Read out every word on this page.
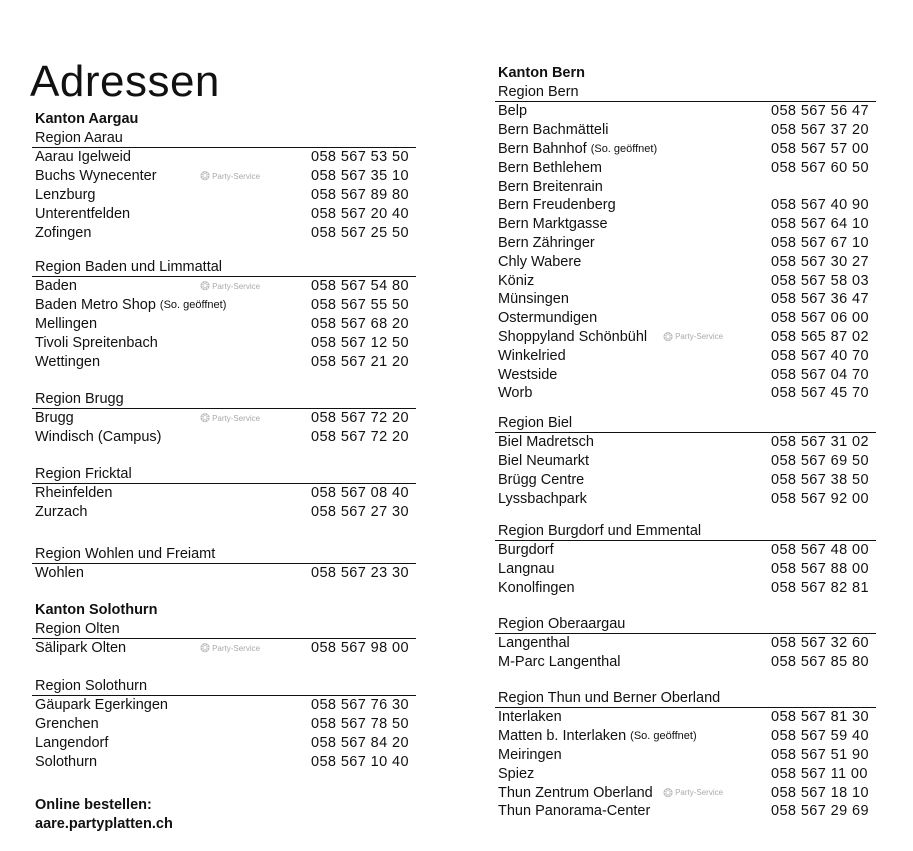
Adressen
Kanton Aargau
Region Aarau
Aarau Igelweid	058 567 53 50
Buchs Wynecenter	❂ Party-Service	058 567 35 10
Lenzburg	058 567 89 80
Unterentfelden	058 567 20 40
Zofingen	058 567 25 50
Region Baden und Limmattal
Baden	❂ Party-Service	058 567 54 80
Baden Metro Shop (So. geöffnet)	058 567 55 50
Mellingen	058 567 68 20
Tivoli Spreitenbach	058 567 12 50
Wettingen	058 567 21 20
Region Brugg
Brugg	❂ Party-Service	058 567 72 20
Windisch (Campus)	058 567 72 20
Region Fricktal
Rheinfelden	058 567 08 40
Zurzach	058 567 27 30
Region Wohlen und Freiamt
Wohlen	058 567 23 30
Kanton Solothurn
Region Olten
Sälipark Olten	❂ Party-Service	058 567 98 00
Region Solothurn
Gäupark Egerkingen	058 567 76 30
Grenchen	058 567 78 50
Langendorf	058 567 84 20
Solothurn	058 567 10 40
Online bestellen:
aare.partyplatten.ch
Kanton Bern
Region Bern
Belp	058 567 56 47
Bern Bachmätteli	058 567 37 20
Bern Bahnhof (So. geöffnet)	058 567 57 00
Bern Bethlehem	058 567 60 50
Bern Breitenrain
Bern Freudenberg	058 567 40 90
Bern Marktgasse	058 567 64 10
Bern Zähringer	058 567 67 10
Chly Wabere	058 567 30 27
Köniz	058 567 58 03
Münsingen	058 567 36 47
Ostermundigen	058 567 06 00
Shoppyland Schönbühl ❂ Party-Service	058 565 87 02
Winkelried	058 567 40 70
Westside	058 567 04 70
Worb	058 567 45 70
Region Biel
Biel Madretsch	058 567 31 02
Biel Neumarkt	058 567 69 50
Brügg Centre	058 567 38 50
Lyssbachpark	058 567 92 00
Region Burgdorf und Emmental
Burgdorf	058 567 48 00
Langnau	058 567 88 00
Konolfingen	058 567 82 81
Region Oberaargau
Langenthal	058 567 32 60
M-Parc Langenthal	058 567 85 80
Region Thun und Berner Oberland
Interlaken	058 567 81 30
Matten b. Interlaken (So. geöffnet)	058 567 59 40
Meiringen	058 567 51 90
Spiez	058 567 11 00
Thun Zentrum Oberland ❂ Party-Service	058 567 18 10
Thun Panorama-Center	058 567 29 69
